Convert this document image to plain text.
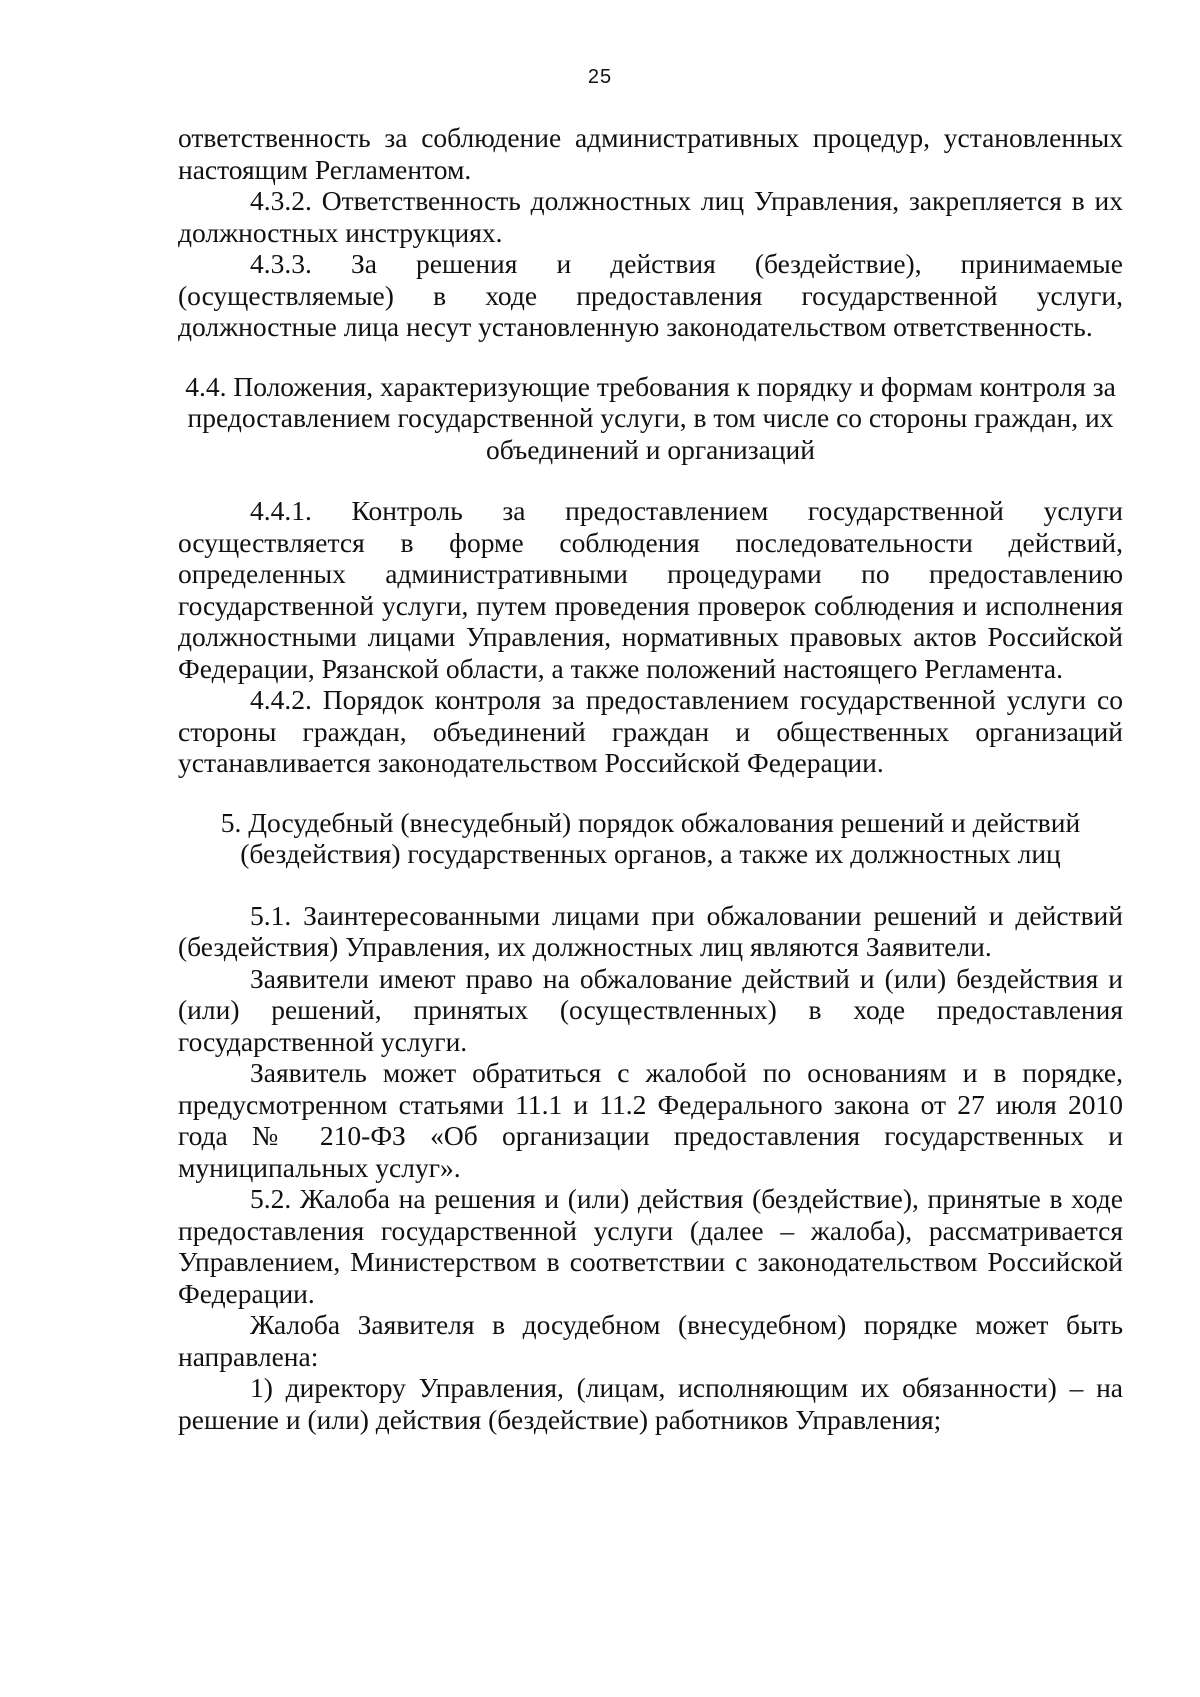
25

ответственность за соблюдение административных процедур, установленных настоящим Регламентом.

4.3.2. Ответственность должностных лиц Управления, закрепляется в их должностных инструкциях.

4.3.3. За решения и действия (бездействие), принимаемые (осуществляемые) в ходе предоставления государственной услуги, должностные лица несут установленную законодательством ответственность.

4.4. Положения, характеризующие требования к порядку и формам контроля за предоставлением государственной услуги, в том числе со стороны граждан, их объединений и организаций

4.4.1. Контроль за предоставлением государственной услуги осуществляется в форме соблюдения последовательности действий, определенных административными процедурами по предоставлению государственной услуги, путем проведения проверок соблюдения и исполнения должностными лицами Управления, нормативных правовых актов Российской Федерации, Рязанской области, а также положений настоящего Регламента.

4.4.2. Порядок контроля за предоставлением государственной услуги со стороны граждан, объединений граждан и общественных организаций устанавливается законодательством Российской Федерации.

5. Досудебный (внесудебный) порядок обжалования решений и действий (бездействия) государственных органов, а также их должностных лиц

5.1. Заинтересованными лицами при обжаловании решений и действий (бездействия) Управления, их должностных лиц являются Заявители.

Заявители имеют право на обжалование действий и (или) бездействия и (или) решений, принятых (осуществленных) в ходе предоставления государственной услуги.

Заявитель может обратиться с жалобой по основаниям и в порядке, предусмотренном статьями 11.1 и 11.2 Федерального закона от 27 июля 2010 года № 210-ФЗ «Об организации предоставления государственных и муниципальных услуг».

5.2. Жалоба на решения и (или) действия (бездействие), принятые в ходе предоставления государственной услуги (далее – жалоба), рассматривается Управлением, Министерством в соответствии с законодательством Российской Федерации.

Жалоба Заявителя в досудебном (внесудебном) порядке может быть направлена:

1) директору Управления, (лицам, исполняющим их обязанности) – на решение и (или) действия (бездействие) работников Управления;
